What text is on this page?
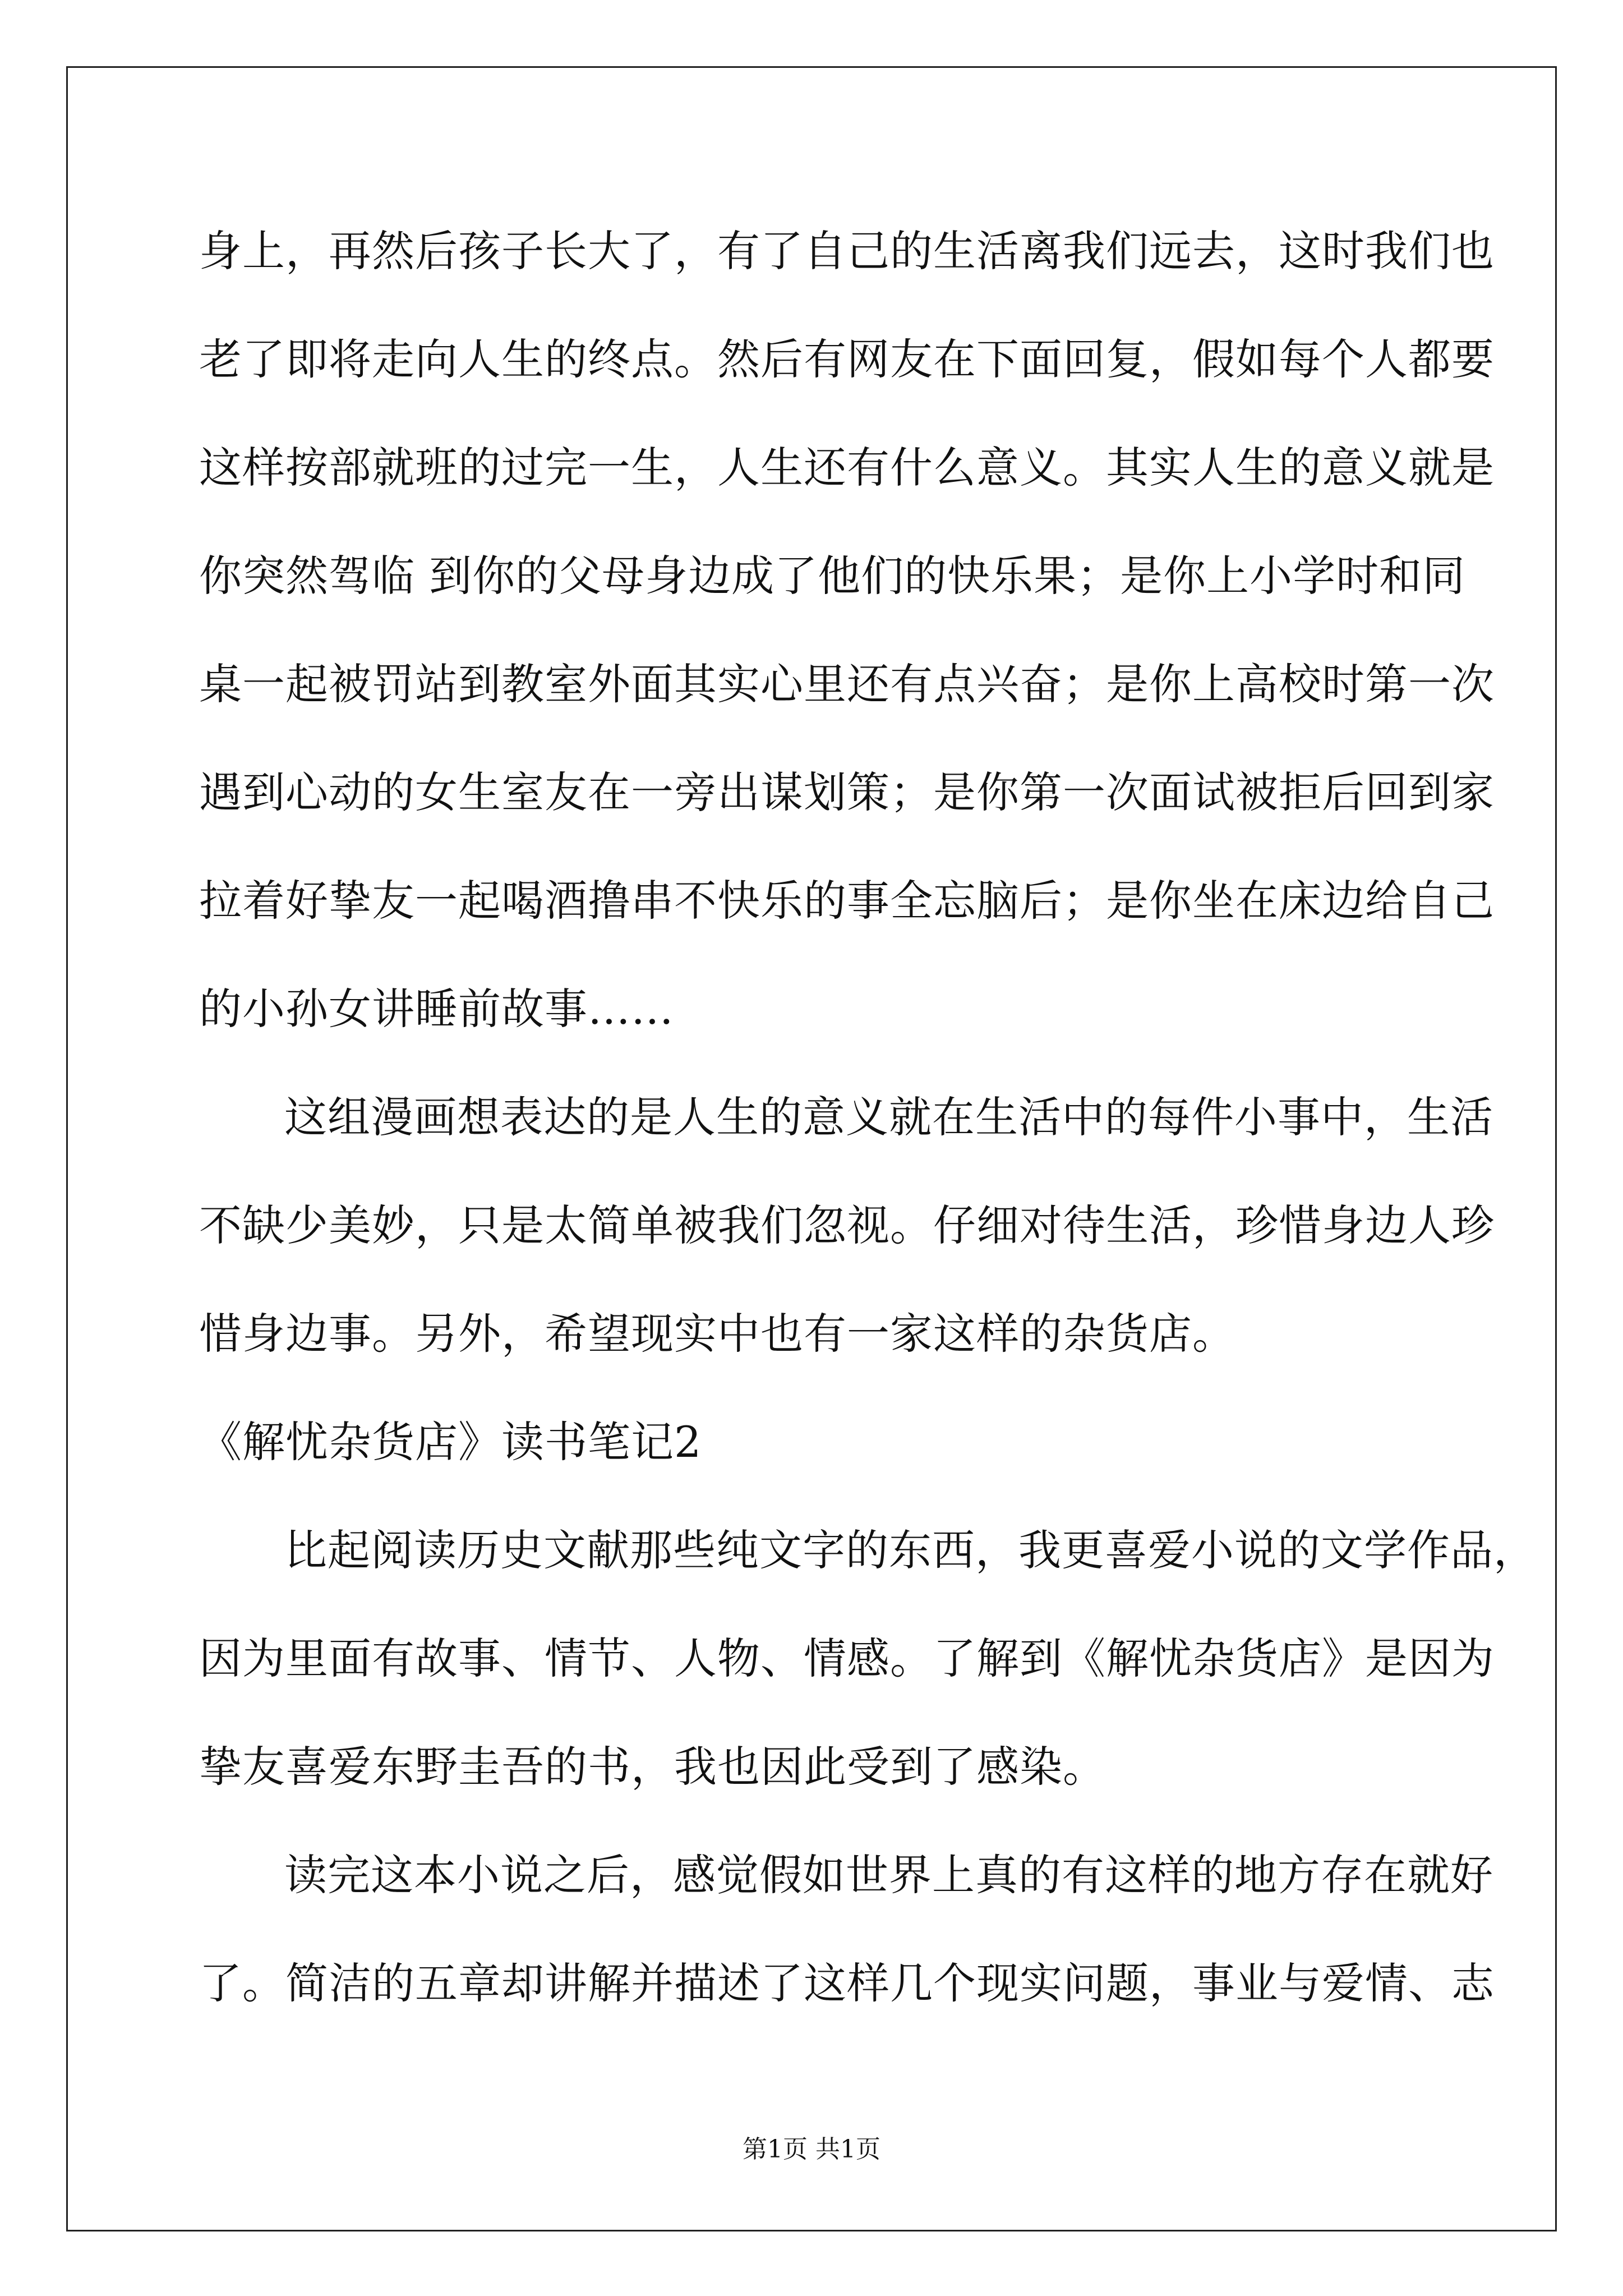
身上，再然后孩子长大了，有了自己的生活离我们远去，这时我们也
老了即将走向人生的终点。然后有网友在下面回复，假如每个人都要
这样按部就班的过完一生，人生还有什么意义。其实人生的意义就是
你突然驾临 到你的父母身边成了他们的快乐果；是你上小学时和同
桌一起被罚站到教室外面其实心里还有点兴奋；是你上高校时第一次
遇到心动的女生室友在一旁出谋划策；是你第一次面试被拒后回到家
拉着好挚友一起喝酒撸串不快乐的事全忘脑后；是你坐在床边给自己
的小孙女讲睡前故事……
这组漫画想表达的是人生的意义就在生活中的每件小事中，生活
不缺少美妙，只是太简单被我们忽视。仔细对待生活，珍惜身边人珍
惜身边事。另外，希望现实中也有一家这样的杂货店。
《解忧杂货店》读书笔记2
比起阅读历史文献那些纯文字的东西，我更喜爱小说的文学作品，
因为里面有故事、情节、人物、情感。了解到《解忧杂货店》是因为
挚友喜爱东野圭吾的书，我也因此受到了感染。
读完这本小说之后，感觉假如世界上真的有这样的地方存在就好
了。简洁的五章却讲解并描述了这样几个现实问题，事业与爱情、志
第1页 共1页
